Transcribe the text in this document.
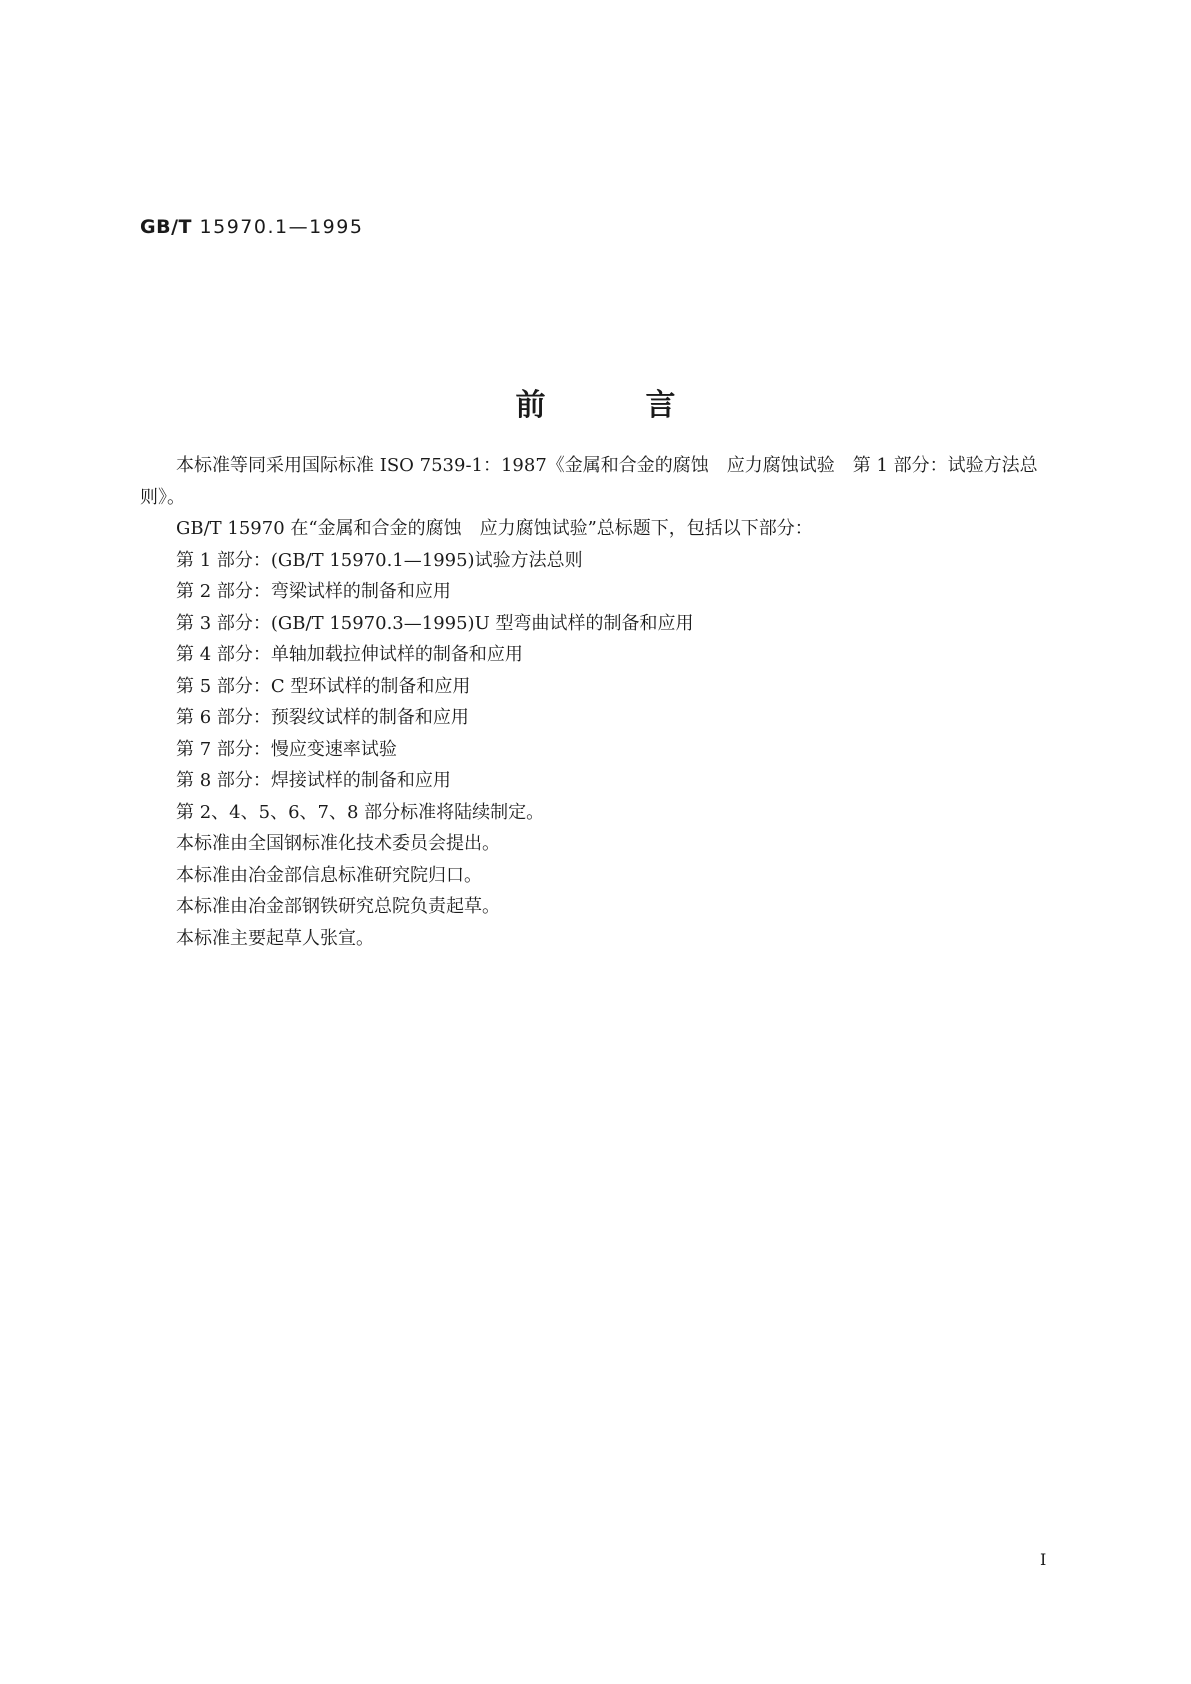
GB/T 15970.1—1995
前言

本标准等同采用国际标准 ISO 7539-1：1987《金属和合金的腐蚀　应力腐蚀试验　第 1 部分：试验方法总则》。

GB/T 15970 在“金属和合金的腐蚀　应力腐蚀试验”总标题下，包括以下部分：

第 1 部分：(GB/T 15970.1—1995)试验方法总则

第 2 部分：弯梁试样的制备和应用

第 3 部分：(GB/T 15970.3—1995)U 型弯曲试样的制备和应用

第 4 部分：单轴加载拉伸试样的制备和应用

第 5 部分：C 型环试样的制备和应用

第 6 部分：预裂纹试样的制备和应用

第 7 部分：慢应变速率试验

第 8 部分：焊接试样的制备和应用

第 2、4、5、6、7、8 部分标准将陆续制定。

本标准由全国钢标准化技术委员会提出。

本标准由冶金部信息标准研究院归口。

本标准由冶金部钢铁研究总院负责起草。

本标准主要起草人张宣。

I
